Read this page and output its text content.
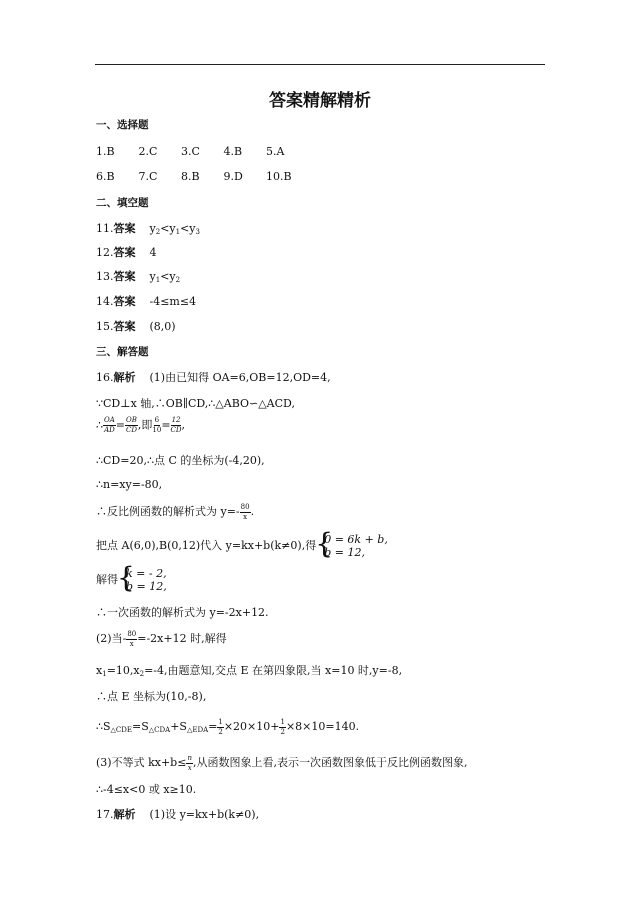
答案精解精析
一、选择题
1.B 2.C 3.C 4.B 5.A
6.B 7.C 8.B 9.D 10.B
二、填空题
11.答案 $y_2<y_1<y_3$
12.答案 4
13.答案 $y_1<y_2$
14.答案 -4≤m≤4
15.答案 (8,0)
三、解答题
16.解析 (1)由已知得 OA=6,OB=12,OD=4,
∵CD⊥x 轴,∴OB∥CD,∴△ABO∽△ACD,
∴ $\frac{OA}{AD} = \frac{OB}{CD}$ ,即 $\frac{6}{10} = \frac{12}{CD}$ ,
∴CD=20,∴点 C 的坐标为(-4,20),
∴n=xy=-80,
∴反比例函数的解析式为 $y=- \frac{80}{x}$ .
把点 A(6,0),B(0,12)代入 y=kx+b(k≠0),得 { 0 = 6k + b,
b = 12,
解得 { k = - 2,
b = 12,
∴一次函数的解析式为 y=-2x+12.
(2)当- $\frac{80}{x} =-2x+12$ 时,解得
$x_1=10,x_2=-4$,由题意知,交点 E 在第四象限,当 x=10 时,y=-8,
∴点 E 坐标为(10,-8),
$\therefore S_{\triangle CDE}=S_{\triangle CDA}+S_{\triangle EDA}= \frac{1}{2} \times 20\times 10+ \frac{1}{2} \times 8\times 10=140$.
(3)不等式 $kx+b\le \frac{n}{x}$ ,从函数图象上看,表示一次函数图象低于反比例函数图象,
∴-4≤x<0 或 x≥10.
17.解析 (1)设 y=kx+b(k≠0),
